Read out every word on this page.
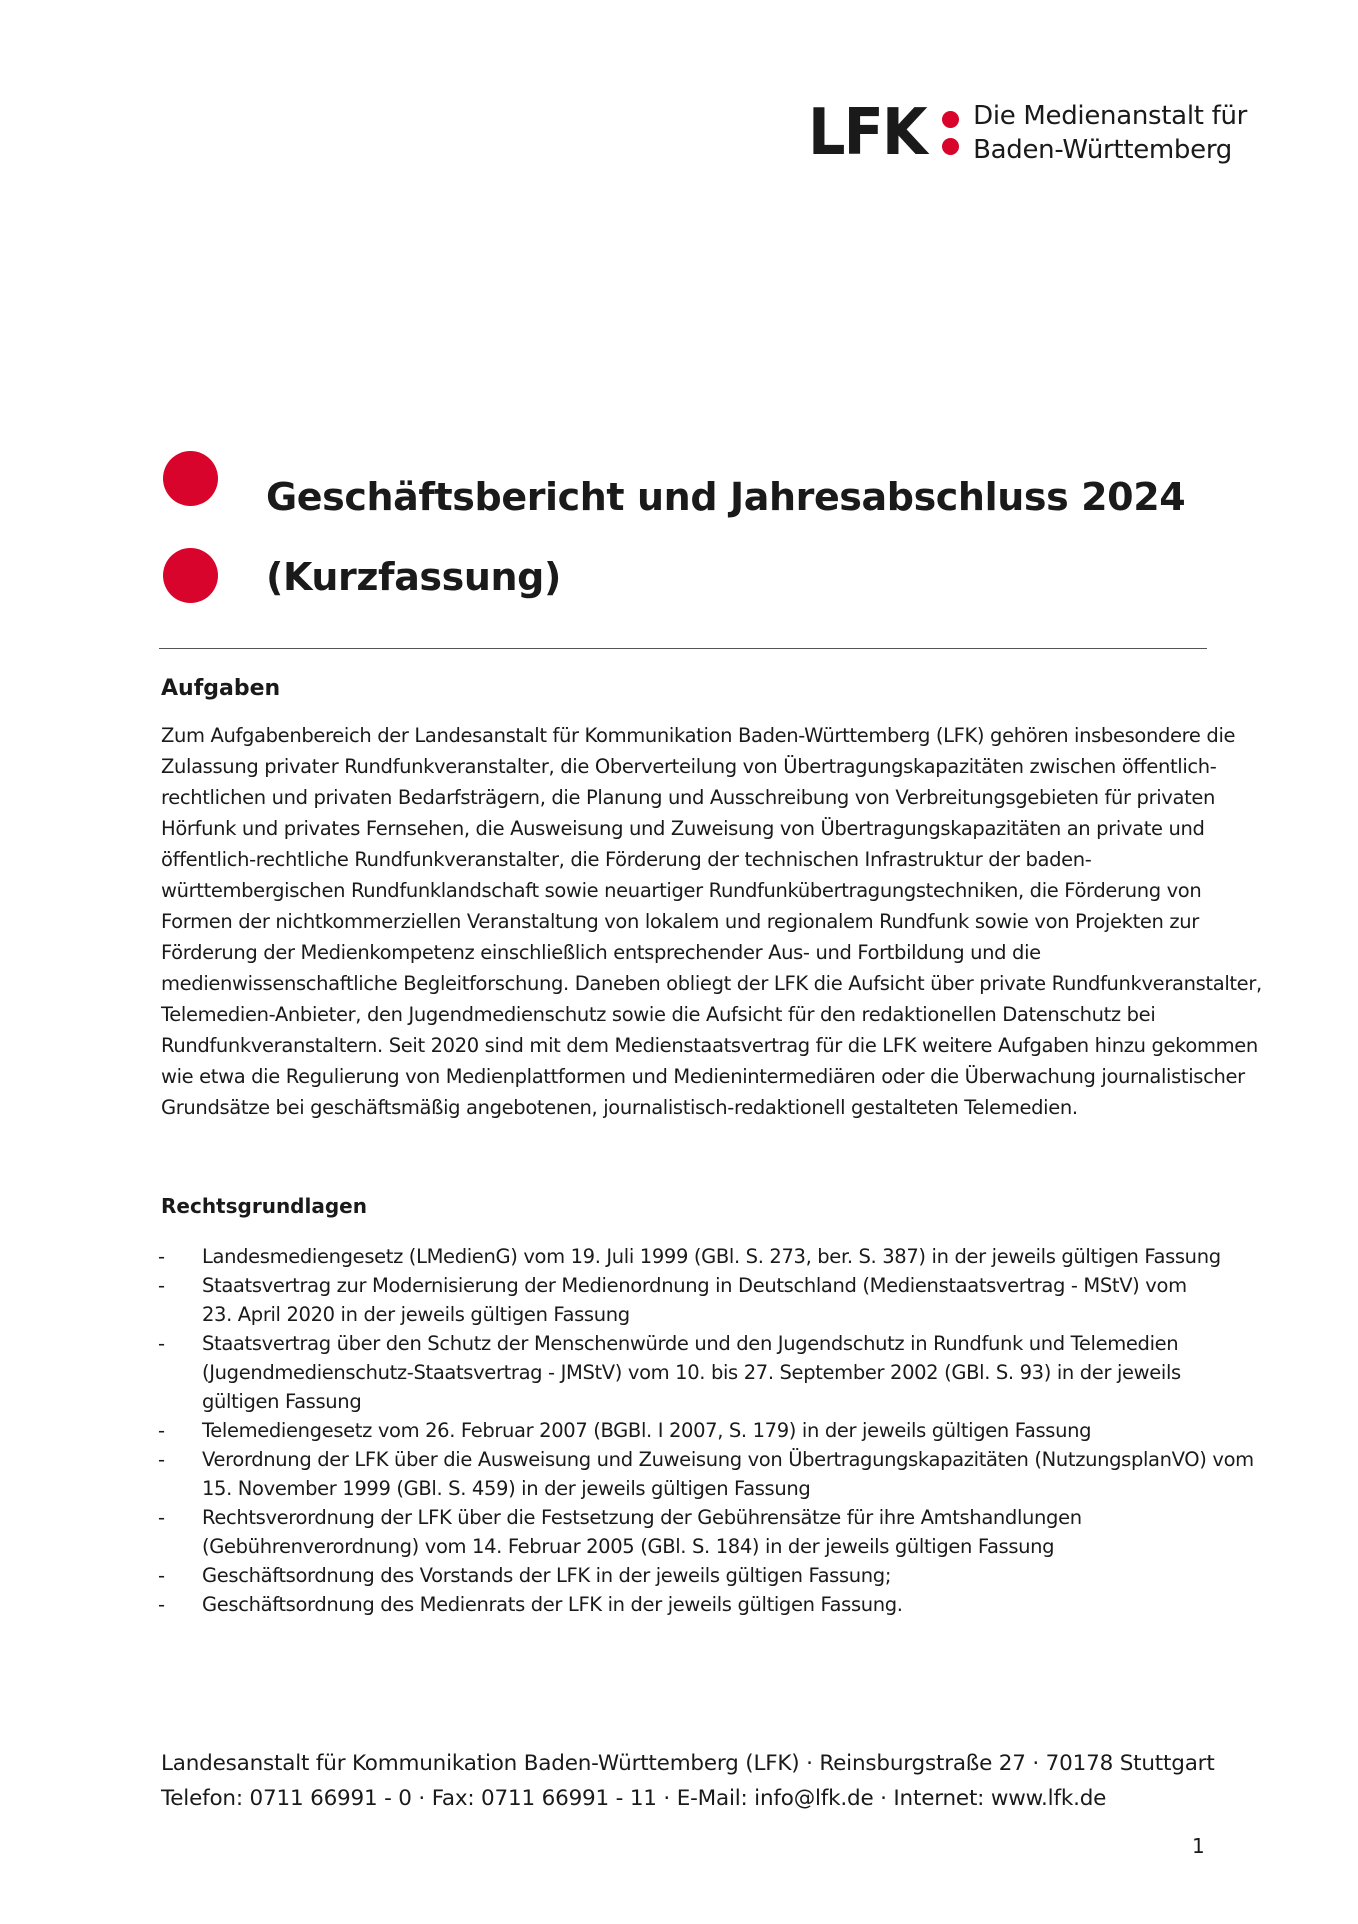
LFK Die Medienanstalt für
Baden-Württemberg
Geschäftsbericht und Jahresabschluss 2024
(Kurzfassung)
Aufgaben
Zum Aufgabenbereich der Landesanstalt für Kommunikation Baden-Württemberg (LFK) gehören insbesondere die
Zulassung privater Rundfunkveranstalter, die Oberverteilung von Übertragungskapazitäten zwischen öffentlich-
rechtlichen und privaten Bedarfsträgern, die Planung und Ausschreibung von Verbreitungsgebieten für privaten
Hörfunk und privates Fernsehen, die Ausweisung und Zuweisung von Übertragungskapazitäten an private und
öffentlich-rechtliche Rundfunkveranstalter, die Förderung der technischen Infrastruktur der baden-
württembergischen Rundfunklandschaft sowie neuartiger Rundfunkübertragungstechniken, die Förderung von
Formen der nichtkommerziellen Veranstaltung von lokalem und regionalem Rundfunk sowie von Projekten zur
Förderung der Medienkompetenz einschließlich entsprechender Aus- und Fortbildung und die
medienwissenschaftliche Begleitforschung. Daneben obliegt der LFK die Aufsicht über private Rundfunkveranstalter,
Telemedien-Anbieter, den Jugendmedienschutz sowie die Aufsicht für den redaktionellen Datenschutz bei
Rundfunkveranstaltern. Seit 2020 sind mit dem Medienstaatsvertrag für die LFK weitere Aufgaben hinzu gekommen
wie etwa die Regulierung von Medienplattformen und Medienintermediären oder die Überwachung journalistischer
Grundsätze bei geschäftsmäßig angebotenen, journalistisch-redaktionell gestalteten Telemedien.
Rechtsgrundlagen
- Landesmediengesetz (LMedienG) vom 19. Juli 1999 (GBl. S. 273, ber. S. 387) in der jeweils gültigen Fassung
- Staatsvertrag zur Modernisierung der Medienordnung in Deutschland (Medienstaatsvertrag - MStV) vom
23. April 2020 in der jeweils gültigen Fassung
- Staatsvertrag über den Schutz der Menschenwürde und den Jugendschutz in Rundfunk und Telemedien
(Jugendmedienschutz-Staatsvertrag - JMStV) vom 10. bis 27. September 2002 (GBl. S. 93) in der jeweils
gültigen Fassung
- Telemediengesetz vom 26. Februar 2007 (BGBl. I 2007, S. 179) in der jeweils gültigen Fassung
- Verordnung der LFK über die Ausweisung und Zuweisung von Übertragungskapazitäten (NutzungsplanVO) vom
15. November 1999 (GBl. S. 459) in der jeweils gültigen Fassung
- Rechtsverordnung der LFK über die Festsetzung der Gebührensätze für ihre Amtshandlungen
(Gebührenverordnung) vom 14. Februar 2005 (GBl. S. 184) in der jeweils gültigen Fassung
- Geschäftsordnung des Vorstands der LFK in der jeweils gültigen Fassung;
- Geschäftsordnung des Medienrats der LFK in der jeweils gültigen Fassung.
Landesanstalt für Kommunikation Baden-Württemberg (LFK) · Reinsburgstraße 27 · 70178 Stuttgart
Telefon: 0711 66991 - 0 · Fax: 0711 66991 - 11 · E-Mail: info@lfk.de · Internet: www.lfk.de
1
